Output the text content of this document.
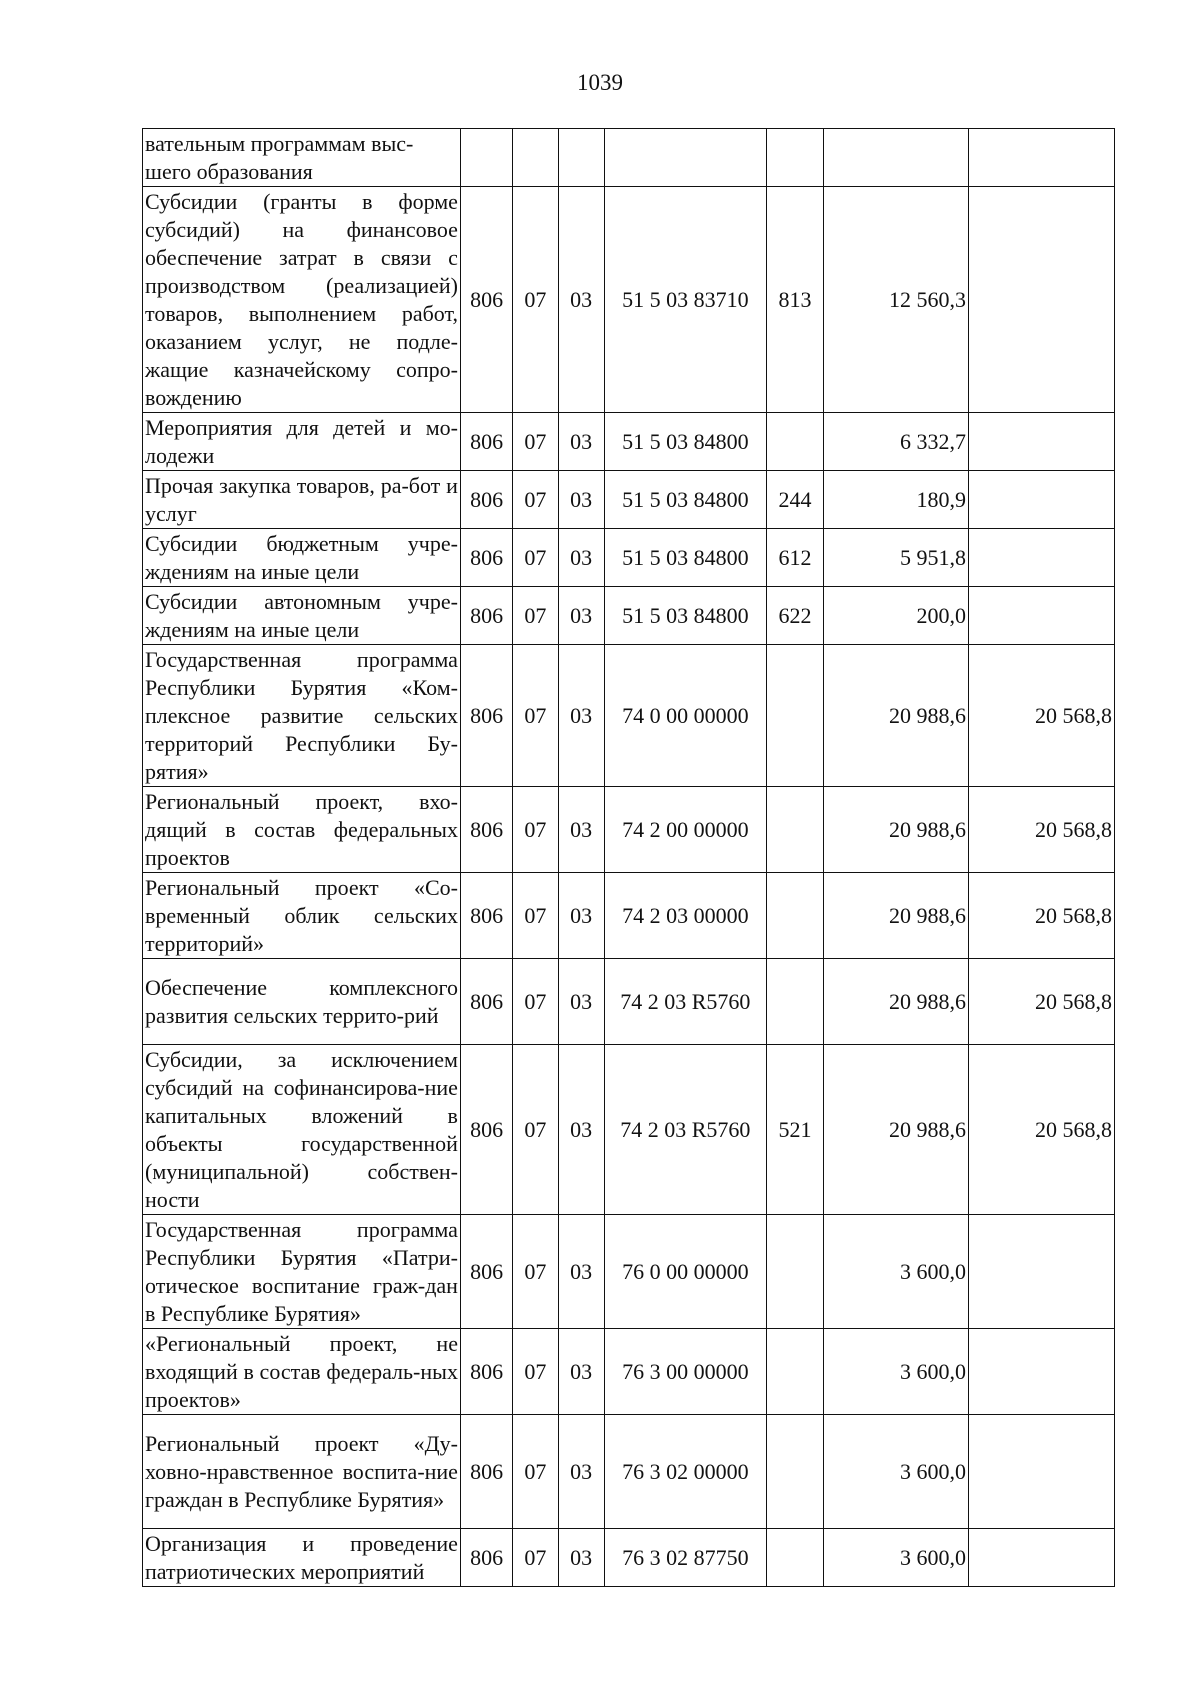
1039
вательным программам выс-
шего образования							
Субсидии (гранты в форме субсидий) на финансовое обеспечение затрат в связи с производством (реализацией) товаров, выполнением работ, оказанием услуг, не подле-жащие казначейскому сопро-вождению	806	07	03	51 5 03 83710	813	12 560,3	
Мероприятия для детей и мо-лодежи	806	07	03	51 5 03 84800		6 332,7	
Прочая закупка товаров, ра-бот и услуг	806	07	03	51 5 03 84800	244	180,9	
Субсидии бюджетным учре-ждениям на иные цели	806	07	03	51 5 03 84800	612	5 951,8	
Субсидии автономным учре-ждениям на иные цели	806	07	03	51 5 03 84800	622	200,0	
Государственная программа Республики Бурятия «Ком-плексное развитие сельских территорий Республики Бу-рятия»	806	07	03	74 0 00 00000		20 988,6	20 568,8
Региональный проект, вхо-дящий в состав федеральных проектов	806	07	03	74 2 00 00000		20 988,6	20 568,8
Региональный проект «Со-временный облик сельских территорий»	806	07	03	74 2 03 00000		20 988,6	20 568,8
Обеспечение комплексного развития сельских террито-рий	806	07	03	74 2 03 R5760		20 988,6	20 568,8
Субсидии, за исключением субсидий на софинансирова-ние капитальных вложений в объекты государственной (муниципальной) собствен-ности	806	07	03	74 2 03 R5760	521	20 988,6	20 568,8
Государственная программа Республики Бурятия «Патри-отическое воспитание граж-дан в Республике Бурятия»	806	07	03	76 0 00 00000		3 600,0	
«Региональный проект, не входящий в состав федераль-ных проектов»	806	07	03	76 3 00 00000		3 600,0	
Региональный проект «Ду-ховно-нравственное воспита-ние граждан в Республике Бурятия»	806	07	03	76 3 02 00000		3 600,0	
Организация и проведение патриотических мероприятий	806	07	03	76 3 02 87750		3 600,0	
